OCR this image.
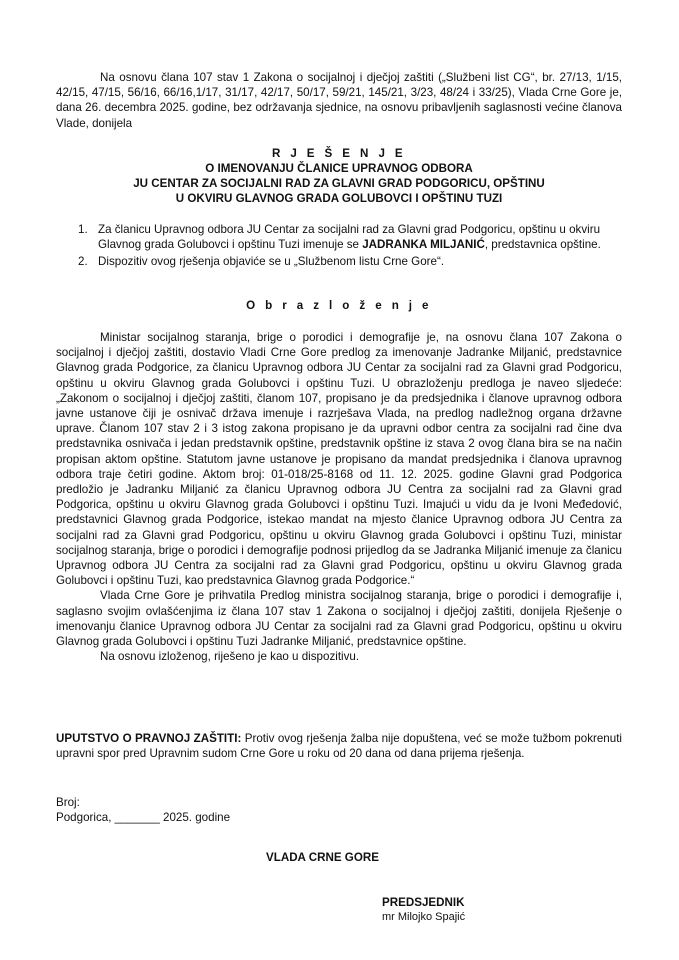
Na osnovu člana 107 stav 1 Zakona o socijalnoj i dječjoj zaštiti („Službeni list CG“, br. 27/13, 1/15, 42/15, 47/15, 56/16, 66/16,1/17, 31/17, 42/17, 50/17, 59/21, 145/21, 3/23, 48/24 i 33/25), Vlada Crne Gore je, dana 26. decembra 2025. godine, bez održavanja sjednice, na osnovu pribavljenih saglasnosti većine članova Vlade, donijela

R J E Š E N J E
O IMENOVANJU ČLANICE UPRAVNOG ODBORA
JU CENTAR ZA SOCIJALNI RAD ZA GLAVNI GRAD PODGORICU, OPŠTINU
U OKVIRU GLAVNOG GRADA GOLUBOVCI I OPŠTINU TUZI
1. Za članicu Upravnog odbora JU Centar za socijalni rad za Glavni grad Podgoricu, opštinu u okviru Glavnog grada Golubovci i opštinu Tuzi imenuje se JADRANKA MILJANIĆ, predstavnica opštine.
2. Dispozitiv ovog rješenja objaviće se u „Službenom listu Crne Gore“.
O b r a z l o ž e n j e

Ministar socijalnog staranja, brige o porodici i demografije je, na osnovu člana 107 Zakona o socijalnoj i dječjoj zaštiti, dostavio Vladi Crne Gore predlog za imenovanje Jadranke Miljanić, predstavnice Glavnog grada Podgorice, za članicu Upravnog odbora JU Centar za socijalni rad za Glavni grad Podgoricu, opštinu u okviru Glavnog grada Golubovci i opštinu Tuzi. U obrazloženju predloga je naveo sljedeće: „Zakonom o socijalnoj i dječjoj zaštiti, članom 107, propisano je da predsjednika i članove upravnog odbora javne ustanove čiji je osnivač država imenuje i razrješava Vlada, na predlog nadležnog organa državne uprave. Članom 107 stav 2 i 3 istog zakona propisano je da upravni odbor centra za socijalni rad čine dva predstavnika osnivača i jedan predstavnik opštine, predstavnik opštine iz stava 2 ovog člana bira se na način propisan aktom opštine. Statutom javne ustanove je propisano da mandat predsjednika i članova upravnog odbora traje četiri godine. Aktom broj: 01-018/25-8168 od 11. 12. 2025. godine Glavni grad Podgorica predložio je Jadranku Miljanić za članicu Upravnog odbora JU Centra za socijalni rad za Glavni grad Podgorica, opštinu u okviru Glavnog grada Golubovci i opštinu Tuzi. Imajući u vidu da je Ivoni Međedović, predstavnici Glavnog grada Podgorice, istekao mandat na mjesto članice Upravnog odbora JU Centra za socijalni rad za Glavni grad Podgoricu, opštinu u okviru Glavnog grada Golubovci i opštinu Tuzi, ministar socijalnog staranja, brige o porodici i demografije podnosi prijedlog da se Jadranka Miljanić imenuje za članicu Upravnog odbora JU Centra za socijalni rad za Glavni grad Podgoricu, opštinu u okviru Glavnog grada Golubovci i opštinu Tuzi, kao predstavnica Glavnog grada Podgorice.“

Vlada Crne Gore je prihvatila Predlog ministra socijalnog staranja, brige o porodici i demografije i, saglasno svojim ovlašćenjima iz člana 107 stav 1 Zakona o socijalnoj i dječjoj zaštiti, donijela Rješenje o imenovanju članice Upravnog odbora JU Centar za socijalni rad za Glavni grad Podgoricu, opštinu u okviru Glavnog grada Golubovci i opštinu Tuzi Jadranke Miljanić, predstavnice opštine.

Na osnovu izloženog, riješeno je kao u dispozitivu.

UPUTSTVO O PRAVNOJ ZAŠTITI: Protiv ovog rješenja žalba nije dopuštena, već se može tužbom pokrenuti upravni spor pred Upravnim sudom Crne Gore u roku od 20 dana od dana prijema rješenja.

Broj:
Podgorica, _______ 2025. godine
VLADA CRNE GORE
PREDSJEDNIK
mr Milojko Spajić
